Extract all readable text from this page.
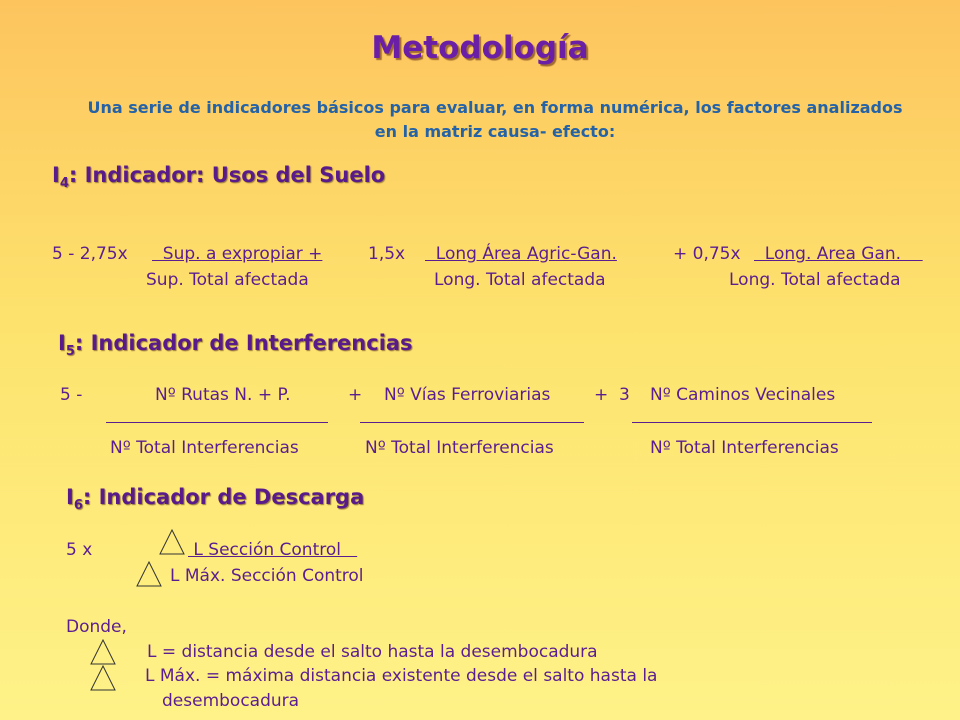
Metodología
Una serie de indicadores básicos para evaluar, en forma numérica, los factores analizados en la matriz causa- efecto:
$I_4$: Indicador: Usos del Suelo
5 - 2,75x Sup. a expropiar +	1,5x Long Área Agric-Gan.	+ 0,75x Long. Area Gan.
Sup. Total afectada	Long. Total afectada	Long. Total afectada
$I_5$: Indicador de Interferencias
5 -	Nº Rutas N. + P.	+ Nº Vías Ferroviarias	+  3 Nº Caminos Vecinales
Nº Total Interferencias	Nº Total Interferencias	Nº Total Interferencias
$I_6$: Indicador de Descarga
5 x	L Sección Control
L Máx. Sección Control
Donde,
L = distancia desde el salto hasta la desembocadura
L Máx. = máxima distancia existente desde el salto hasta la
desembocadura
